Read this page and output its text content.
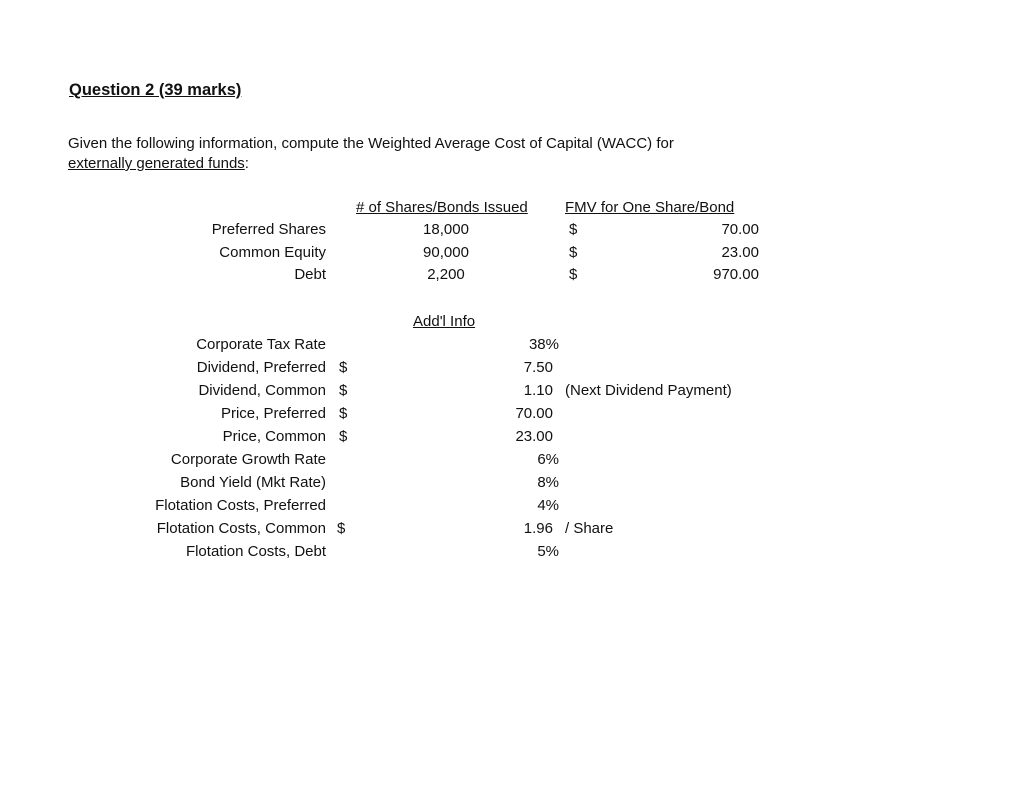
Question 2 (39 marks)
Given the following information, compute the Weighted Average Cost of Capital (WACC) for
externally generated funds:
# of Shares/Bonds Issued FMV for One Share/Bond
Preferred Shares	18,000	$	70.00
Common Equity	90,000	$	23.00
Debt	2,200	$	970.00
Add'l Info
Corporate Tax Rate	38%
Dividend, Preferred $	7.50
Dividend, Common $	1.10 (Next Dividend Payment)
Price, Preferred $	70.00
Price, Common $	23.00
Corporate Growth Rate	6%
Bond Yield (Mkt Rate)	8%
Flotation Costs, Preferred	4%
Flotation Costs, Common $	1.96 / Share
Flotation Costs, Debt	5%
